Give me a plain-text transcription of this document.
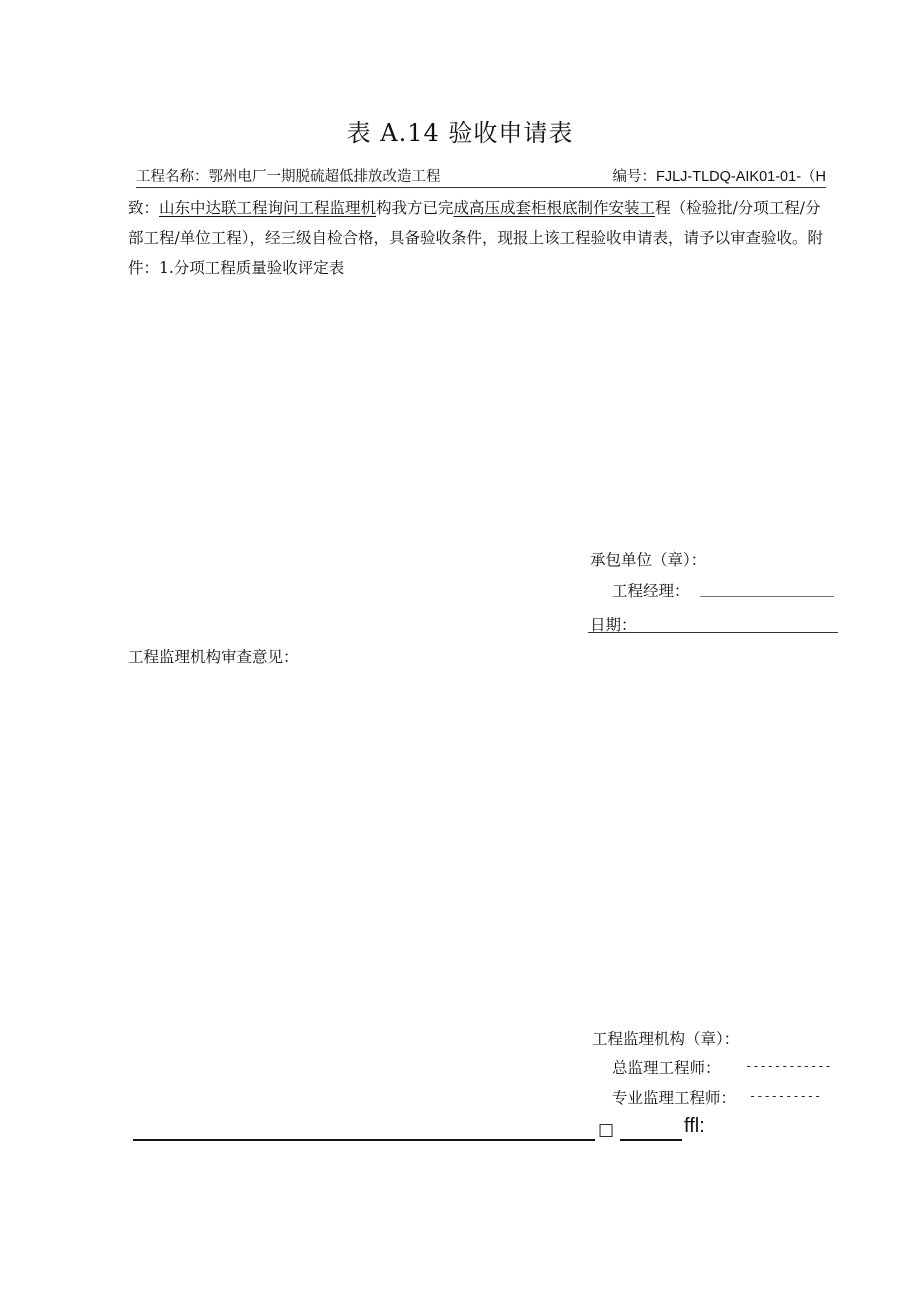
表 A.14 验收申请表
工程名称：鄂州电厂一期脱硫超低排放改造工程	编号：FJLJ-TLDQ-AIK01-01-（H
致：山东中达联工程询问工程监理机构我方已完成高压成套柜根底制作安装工程（检验批/分项工程/分部工程/单位工程），经三级自检合格，具备验收条件，现报上该工程验收申请表，请予以审查验收。附件：1.分项工程质量验收评定表
承包单位（章）：
工程经理：
日期：
工程监理机构审查意见：
工程监理机构（章）：
总监理工程师： ------------
专业监理工程师： ----------
□	ffl:
